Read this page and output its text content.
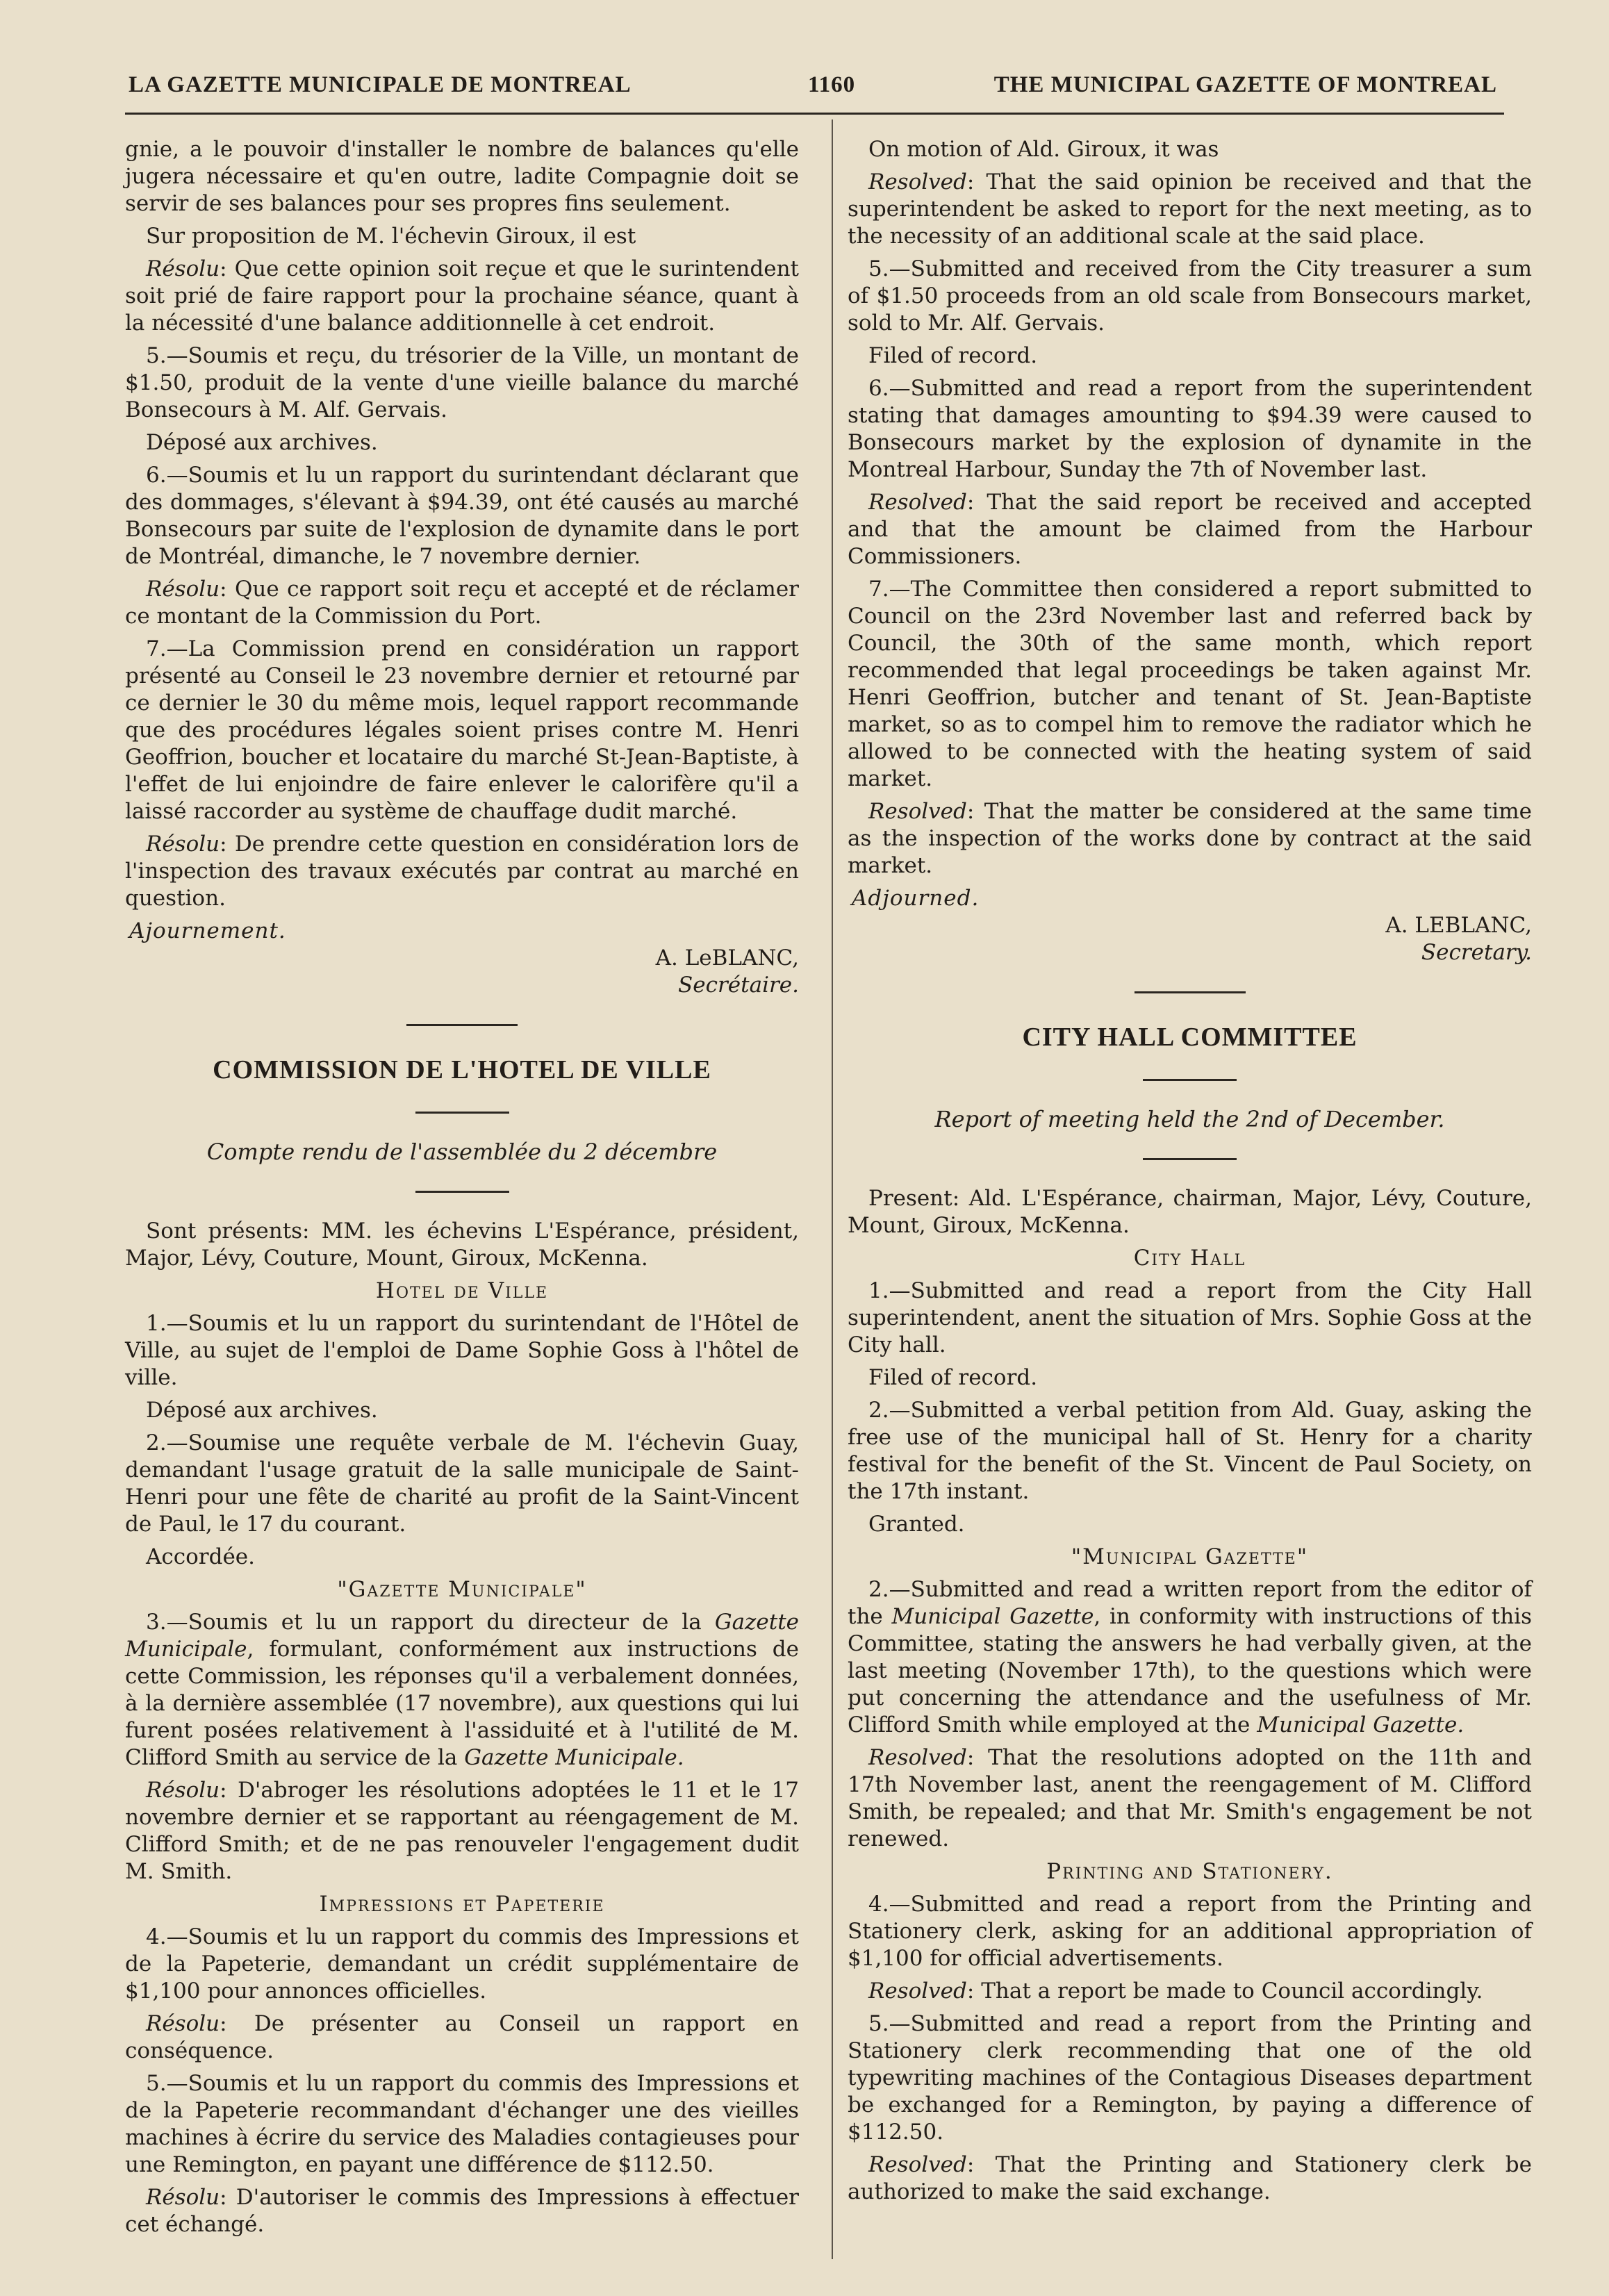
LA GAZETTE MUNICIPALE DE MONTREAL	1160	THE MUNICIPAL GAZETTE OF MONTREAL

gnie, a le pouvoir d'installer le nombre de balances qu'elle jugera nécessaire et qu'en outre, ladite Compagnie doit se servir de ses balances pour ses propres fins seulement.

Sur proposition de M. l'échevin Giroux, il est

Résolu: Que cette opinion soit reçue et que le surintendent soit prié de faire rapport pour la prochaine séance, quant à la nécessité d'une balance additionnelle à cet endroit.

5.—Soumis et reçu, du trésorier de la Ville, un montant de $1.50, produit de la vente d'une vieille balance du marché Bonsecours à M. Alf. Gervais.

Déposé aux archives.

6.—Soumis et lu un rapport du surintendant déclarant que des dommages, s'élevant à $94.39, ont été causés au marché Bonsecours par suite de l'explosion de dynamite dans le port de Montréal, dimanche, le 7 novembre dernier.

Résolu: Que ce rapport soit reçu et accepté et de réclamer ce montant de la Commission du Port.

7.—La Commission prend en considération un rapport présenté au Conseil le 23 novembre dernier et retourné par ce dernier le 30 du même mois, lequel rapport recommande que des procédures légales soient prises contre M. Henri Geoffrion, boucher et locataire du marché St-Jean-Baptiste, à l'effet de lui enjoindre de faire enlever le calorifère qu'il a laissé raccorder au système de chauffage dudit marché.

Résolu: De prendre cette question en considération lors de l'inspection des travaux exécutés par contrat au marché en question.

Ajournement.

A. LeBLANC,

Secrétaire.

COMMISSION DE L'HOTEL DE VILLE
Compte rendu de l'assemblée du 2 décembre

Sont présents: MM. les échevins L'Espérance, président, Major, Lévy, Couture, Mount, Giroux, McKenna.

Hotel de Ville

1.—Soumis et lu un rapport du surintendant de l'Hôtel de Ville, au sujet de l'emploi de Dame Sophie Goss à l'hôtel de ville.

Déposé aux archives.

2.—Soumise une requête verbale de M. l'échevin Guay, demandant l'usage gratuit de la salle municipale de Saint-Henri pour une fête de charité au profit de la Saint-Vincent de Paul, le 17 du courant.

Accordée.

"Gazette Municipale"

3.—Soumis et lu un rapport du directeur de la Gazette Municipale, formulant, conformément aux instructions de cette Commission, les réponses qu'il a verbalement données, à la dernière assemblée (17 novembre), aux questions qui lui furent posées relativement à l'assiduité et à l'utilité de M. Clifford Smith au service de la Gazette Municipale.

Résolu: D'abroger les résolutions adoptées le 11 et le 17 novembre dernier et se rapportant au réengagement de M. Clifford Smith; et de ne pas renouveler l'engagement dudit M. Smith.

Impressions et Papeterie

4.—Soumis et lu un rapport du commis des Impressions et de la Papeterie, demandant un crédit supplémentaire de $1,100 pour annonces officielles.

Résolu: De présenter au Conseil un rapport en conséquence.

5.—Soumis et lu un rapport du commis des Impressions et de la Papeterie recommandant d'échanger une des vieilles machines à écrire du service des Maladies contagieuses pour une Remington, en payant une différence de $112.50.

Résolu: D'autoriser le commis des Impressions à effectuer cet échangé.

On motion of Ald. Giroux, it was

Resolved: That the said opinion be received and that the superintendent be asked to report for the next meeting, as to the necessity of an additional scale at the said place.

5.—Submitted and received from the City treasurer a sum of $1.50 proceeds from an old scale from Bonsecours market, sold to Mr. Alf. Gervais.

Filed of record.

6.—Submitted and read a report from the superintendent stating that damages amounting to $94.39 were caused to Bonsecours market by the explosion of dynamite in the Montreal Harbour, Sunday the 7th of November last.

Resolved: That the said report be received and accepted and that the amount be claimed from the Harbour Commissioners.

7.—The Committee then considered a report submitted to Council on the 23rd November last and referred back by Council, the 30th of the same month, which report recommended that legal proceedings be taken against Mr. Henri Geoffrion, butcher and tenant of St. Jean-Baptiste market, so as to compel him to remove the radiator which he allowed to be connected with the heating system of said market.

Resolved: That the matter be considered at the same time as the inspection of the works done by contract at the said market.

Adjourned.

A. LEBLANC,

Secretary.

CITY HALL COMMITTEE
Report of meeting held the 2nd of December.

Present: Ald. L'Espérance, chairman, Major, Lévy, Couture, Mount, Giroux, McKenna.

City Hall

1.—Submitted and read a report from the City Hall superintendent, anent the situation of Mrs. Sophie Goss at the City hall.

Filed of record.

2.—Submitted a verbal petition from Ald. Guay, asking the free use of the municipal hall of St. Henry for a charity festival for the benefit of the St. Vincent de Paul Society, on the 17th instant.

Granted.

"Municipal Gazette"

2.—Submitted and read a written report from the editor of the Municipal Gazette, in conformity with instructions of this Committee, stating the answers he had verbally given, at the last meeting (November 17th), to the questions which were put concerning the attendance and the usefulness of Mr. Clifford Smith while employed at the Municipal Gazette.

Resolved: That the resolutions adopted on the 11th and 17th November last, anent the reengagement of M. Clifford Smith, be repealed; and that Mr. Smith's engagement be not renewed.

Printing and Stationery.

4.—Submitted and read a report from the Printing and Stationery clerk, asking for an additional appropriation of $1,100 for official advertisements.

Resolved: That a report be made to Council accordingly.

5.—Submitted and read a report from the Printing and Stationery clerk recommending that one of the old typewriting machines of the Contagious Diseases department be exchanged for a Remington, by paying a difference of $112.50.

Resolved: That the Printing and Stationery clerk be authorized to make the said exchange.
